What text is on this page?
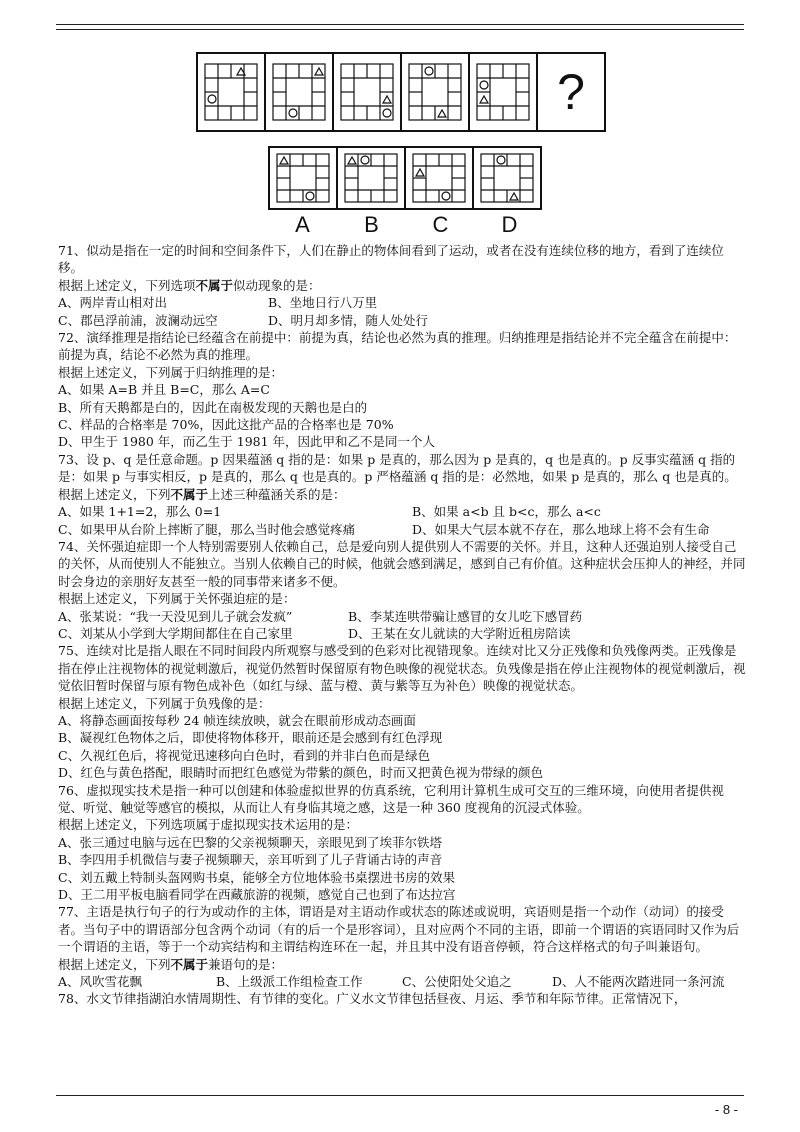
?
A	B	C	D
71、似动是指在一定的时间和空间条件下，人们在静止的物体间看到了运动，或者在没有连续位移的地方，看到了连续位移。
根据上述定义，下列选项不属于似动现象的是：
A、两岸青山相对出	B、坐地日行八万里
C、郡邑浮前浦，波澜动远空	D、明月却多情，随人处处行
72、演绎推理是指结论已经蕴含在前提中：前提为真，结论也必然为真的推理。归纳推理是指结论并不完全蕴含在前提中：前提为真，结论不必然为真的推理。
根据上述定义，下列属于归纳推理的是：
A、如果 A=B 并且 B=C，那么 A=C
B、所有天鹅都是白的，因此在南极发现的天鹅也是白的
C、样品的合格率是 70%，因此这批产品的合格率也是 70%
D、甲生于 1980 年，而乙生于 1981 年，因此甲和乙不是同一个人
73、设 p、q 是任意命题。p 因果蕴涵 q 指的是：如果 p 是真的，那么因为 p 是真的，q 也是真的。p 反事实蕴涵 q 指的是：如果 p 与事实相反，p 是真的，那么 q 也是真的。p 严格蕴涵 q 指的是：必然地，如果 p 是真的，那么 q 也是真的。
根据上述定义，下列不属于上述三种蕴涵关系的是：
A、如果 1+1=2，那么 0=1	B、如果 a<b 且 b<c，那么 a<c
C、如果甲从台阶上摔断了腿，那么当时他会感觉疼痛	D、如果大气层本就不存在，那么地球上将不会有生命
74、关怀强迫症即一个人特别需要别人依赖自己，总是爱向别人提供别人不需要的关怀。并且，这种人还强迫别人接受自己的关怀，从而使别人不能独立。当别人依赖自己的时候，他就会感到满足，感到自己有价值。这种症状会压抑人的神经，并同时会身边的亲朋好友甚至一般的同事带来诸多不便。
根据上述定义，下列属于关怀强迫症的是：
A、张某说：“我一天没见到儿子就会发疯”	B、李某连哄带骗让感冒的女儿吃下感冒药
C、刘某从小学到大学期间都住在自己家里	D、王某在女儿就读的大学附近租房陪读
75、连续对比是指人眼在不同时间段内所观察与感受到的色彩对比视错现象。连续对比又分正残像和负残像两类。正残像是指在停止注视物体的视觉刺激后，视觉仍然暂时保留原有物色映像的视觉状态。负残像是指在停止注视物体的视觉刺激后，视觉依旧暂时保留与原有物色成补色（如红与绿、蓝与橙、黄与紫等互为补色）映像的视觉状态。
根据上述定义，下列属于负残像的是：
A、将静态画面按每秒 24 帧连续放映，就会在眼前形成动态画面
B、凝视红色物体之后，即使将物体移开，眼前还是会感到有红色浮现
C、久视红色后，将视觉迅速移向白色时，看到的并非白色而是绿色
D、红色与黄色搭配，眼睛时而把红色感觉为带紫的颜色，时而又把黄色视为带绿的颜色
76、虚拟现实技术是指一种可以创建和体验虚拟世界的仿真系统，它利用计算机生成可交互的三维环境，向使用者提供视觉、听觉、触觉等感官的模拟，从而让人有身临其境之感，这是一种 360 度视角的沉浸式体验。
根据上述定义，下列选项属于虚拟现实技术运用的是：
A、张三通过电脑与远在巴黎的父亲视频聊天，亲眼见到了埃菲尔铁塔
B、李四用手机微信与妻子视频聊天，亲耳听到了儿子背诵古诗的声音
C、刘五戴上特制头盔网购书桌，能够全方位地体验书桌摆进书房的效果
D、王二用平板电脑看同学在西藏旅游的视频，感觉自己也到了布达拉宫
77、主语是执行句子的行为或动作的主体，谓语是对主语动作或状态的陈述或说明，宾语则是指一个动作（动词）的接受者。当句子中的谓语部分包含两个动词（有的后一个是形容词），且对应两个不同的主语，即前一个谓语的宾语同时又作为后一个谓语的主语，等于一个动宾结构和主谓结构连环在一起，并且其中没有语音停顿，符合这样格式的句子叫兼语句。
根据上述定义，下列不属于兼语句的是：
A、风吹雪花飘	B、上级派工作组检查工作	C、公使阳处父追之	D、人不能两次踏进同一条河流
78、水文节律指湖泊水情周期性、有节律的变化。广义水文节律包括昼夜、月运、季节和年际节律。正常情况下，
- 8 -
